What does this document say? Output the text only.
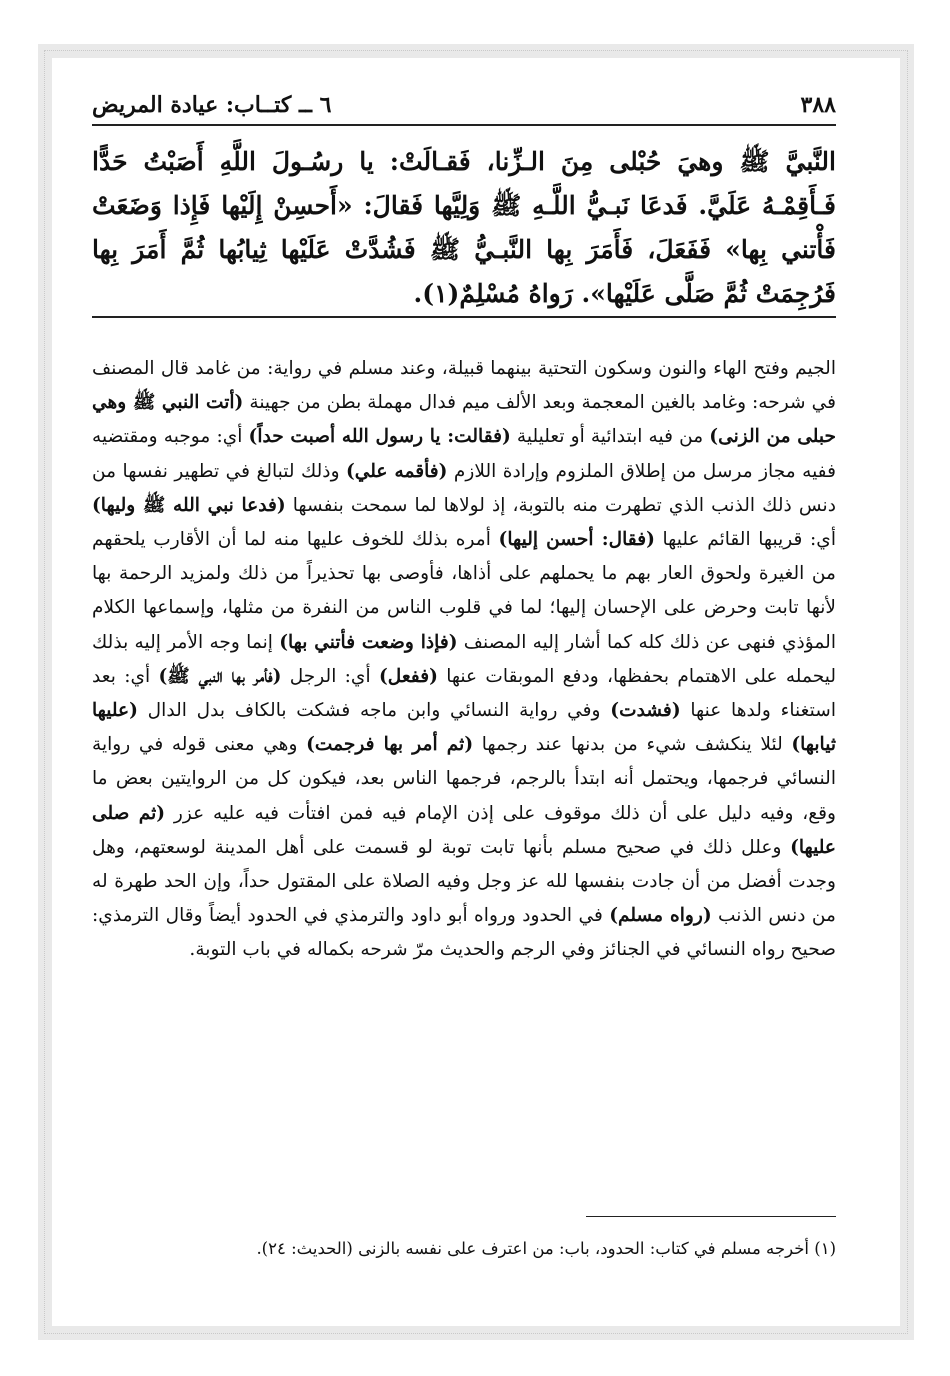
٣٨٨
٦ ــ كتــاب: عيادة المريض

النَّبيَّ ﷺ وهيَ حُبْلى مِنَ الـزِّنا، فَقـالَتْ: يا رسُـولَ اللَّهِ أَصَبْتُ حَدًّا فَـأَقِمْـهُ عَلَيَّ. فَدعَا نَبـيُّ اللَّـهِ ﷺ وَلِيَّها فَقالَ: «أَحسِنْ إِلَيْها فَإِذا وَضَعَتْ فَأْتني بِها» فَفَعَلَ، فَأَمَرَ بِها النَّبـيُّ ﷺ فَشُدَّتْ عَلَيْها ثِيابُها ثُمَّ أَمَرَ بِها فَرُجِمَتْ ثُمَّ صَلَّى عَلَيْها». رَواهُ مُسْلِمٌ(١).

الجيم وفتح الهاء والنون وسكون التحتية بينهما قبيلة، وعند مسلم في رواية: من غامد قال المصنف في شرحه: وغامد بالغين المعجمة وبعد الألف ميم فدال مهملة بطن من جهينة (أتت النبي ﷺ وهي حبلى من الزنى) من فيه ابتدائية أو تعليلية (فقالت: يا رسول الله أصبت حداً) أي: موجبه ومقتضيه ففيه مجاز مرسل من إطلاق الملزوم وإرادة اللازم (فأقمه علي) وذلك لتبالغ في تطهير نفسها من دنس ذلك الذنب الذي تطهرت منه بالتوبة، إذ لولاها لما سمحت بنفسها (فدعا نبي الله ﷺ وليها) أي: قريبها القائم عليها (فقال: أحسن إليها) أمره بذلك للخوف عليها منه لما أن الأقارب يلحقهم من الغيرة ولحوق العار بهم ما يحملهم على أذاها، فأوصى بها تحذيراً من ذلك ولمزيد الرحمة بها لأنها تابت وحرض على الإحسان إليها؛ لما في قلوب الناس من النفرة من مثلها، وإسماعها الكلام المؤذي فنهى عن ذلك كله كما أشار إليه المصنف (فإذا وضعت فأتني بها) إنما وجه الأمر إليه بذلك ليحمله على الاهتمام بحفظها، ودفع الموبقات عنها (ففعل) أي: الرجل (فأمر بها النبي ﷺ) أي: بعد استغناء ولدها عنها (فشدت) وفي رواية النسائي وابن ماجه فشكت بالكاف بدل الدال (عليها ثيابها) لئلا ينكشف شيء من بدنها عند رجمها (ثم أمر بها فرجمت) وهي معنى قوله في رواية النسائي فرجمها، ويحتمل أنه ابتدأ بالرجم، فرجمها الناس بعد، فيكون كل من الروايتين بعض ما وقع، وفيه دليل على أن ذلك موقوف على إذن الإمام فيه فمن افتأت فيه عليه عزر (ثم صلى عليها) وعلل ذلك في صحيح مسلم بأنها تابت توبة لو قسمت على أهل المدينة لوسعتهم، وهل وجدت أفضل من أن جادت بنفسها لله عز وجل وفيه الصلاة على المقتول حداً، وإن الحد طهرة له من دنس الذنب (رواه مسلم) في الحدود ورواه أبو داود والترمذي في الحدود أيضاً وقال الترمذي: صحيح رواه النسائي في الجنائز وفي الرجم والحديث مرّ شرحه بكماله في باب التوبة.

(١) أخرجه مسلم في كتاب: الحدود، باب: من اعترف على نفسه بالزنى (الحديث: ٢٤).
